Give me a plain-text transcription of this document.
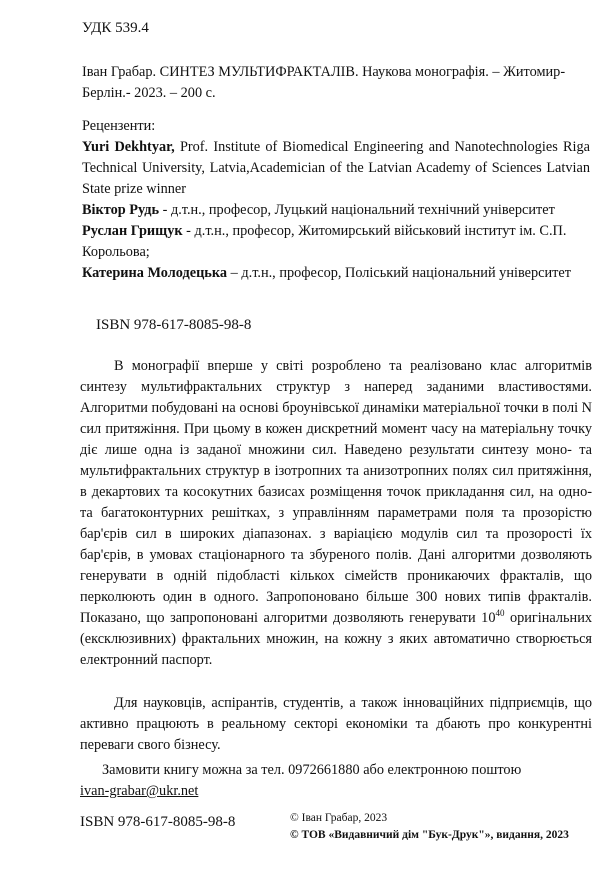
УДК 539.4
Іван Грабар. СИНТЕЗ МУЛЬТИФРАКТАЛІВ. Наукова монографія. – Житомир-Берлін.- 2023. – 200 с.
Рецензенти:
Yuri Dekhtyar, Prof. Institute of Biomedical Engineering and Nanotechnologies Riga Technical University, Latvia,Academician of the Latvian Academy of Sciences Latvian State prize winner
Віктор Рудь - д.т.н., професор, Луцький національний технічний університет
Руслан Грищук - д.т.н., професор, Житомирський військовий інститут ім. С.П. Корольова;
Катерина Молодецька – д.т.н., професор, Поліський національний університет
ISBN 978-617-8085-98-8

В монографії вперше у світі розроблено та реалізовано клас алгоритмів синтезу мультифрактальних структур з наперед заданими властивостями. Алгоритми побудовані на основі броунівської динаміки матеріальної точки в полі N сил притяжіння. При цьому в кожен дискретний момент часу на матеріальну точку діє лише одна із заданої множини сил. Наведено результати синтезу моно- та мультифрактальних структур в ізотропних та анизотропних полях сил притяжіння, в декартових та косокутних базисах розміщення точок прикладання сил, на одно- та багатоконтурних решітках, з управлінням параметрами поля та прозорістю бар'єрів сил в широких діапазонах. з варіацією модулів сил та прозорості їх бар'єрів, в умовах стаціонарного та збуреного полів. Дані алгоритми дозволяють генерувати в одній підобласті кількох сімейств проникаючих фракталів, що перколюють один в одного. Запропоновано більше 300 нових типів фракталів. Показано, що запропоновані алгоритми дозволяють генерувати $10^{40}$ оригінальних (ексклюзивних) фрактальних множин, на кожну з яких автоматично створюється електронний паспорт.

Для науковців, аспірантів, студентів, а також інноваційних підприємців, що активно працюють в реальному секторі економіки та дбають про конкурентні переваги свого бізнесу.

Замовити книгу можна за тел. 0972661880 або електронною поштою

ivan-grabar@ukr.net
ISBN 978-617-8085-98-8	© Іван Грабар, 2023
© ТОВ «Видавничий дім "Бук-Друк"», видання, 2023
